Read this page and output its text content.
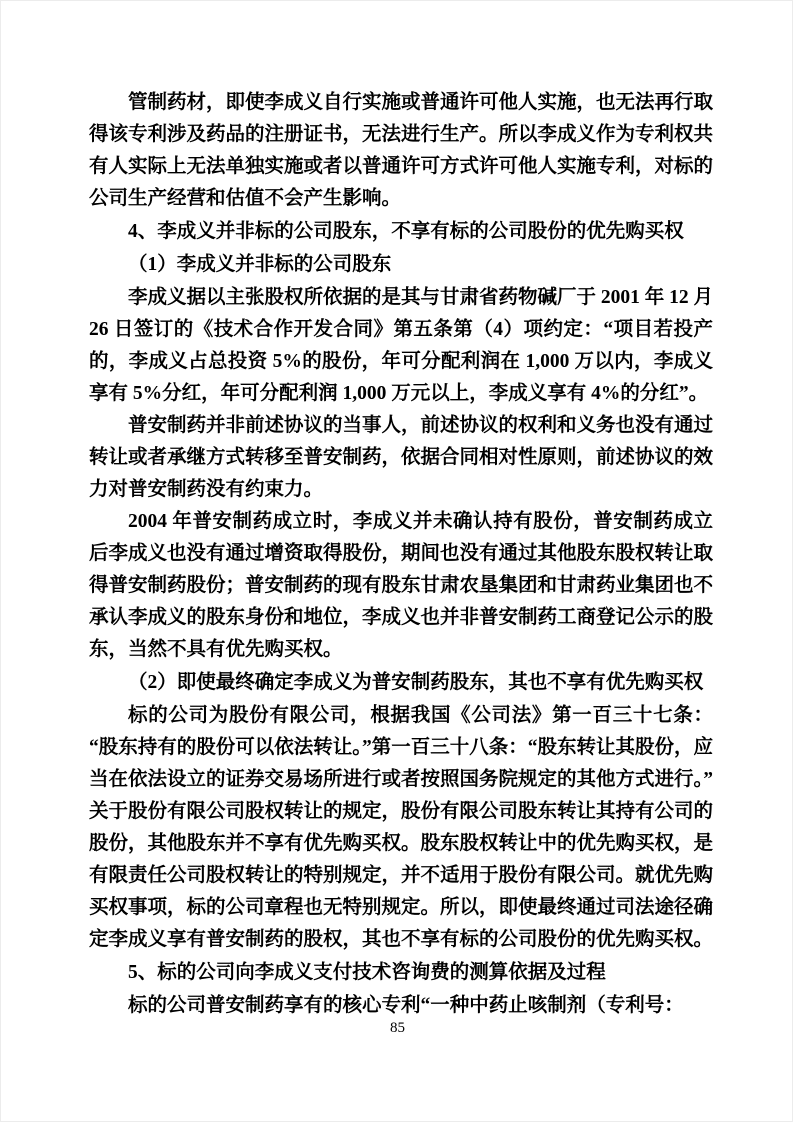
管制药材，即使李成义自行实施或普通许可他人实施，也无法再行取得该专利涉及药品的注册证书，无法进行生产。所以李成义作为专利权共有人实际上无法单独实施或者以普通许可方式许可他人实施专利，对标的公司生产经营和估值不会产生影响。

4、李成义并非标的公司股东，不享有标的公司股份的优先购买权

（1）李成义并非标的公司股东

李成义据以主张股权所依据的是其与甘肃省药物碱厂于 2001 年 12 月 26 日签订的《技术合作开发合同》第五条第（4）项约定：“项目若投产的，李成义占总投资 5%的股份，年可分配利润在 1,000 万以内，李成义享有 5%分红，年可分配利润 1,000 万元以上，李成义享有 4%的分红”。

普安制药并非前述协议的当事人，前述协议的权利和义务也没有通过转让或者承继方式转移至普安制药，依据合同相对性原则，前述协议的效力对普安制药没有约束力。

2004 年普安制药成立时，李成义并未确认持有股份，普安制药成立后李成义也没有通过增资取得股份，期间也没有通过其他股东股权转让取得普安制药股份；普安制药的现有股东甘肃农垦集团和甘肃药业集团也不承认李成义的股东身份和地位，李成义也并非普安制药工商登记公示的股东，当然不具有优先购买权。

（2）即使最终确定李成义为普安制药股东，其也不享有优先购买权

标的公司为股份有限公司，根据我国《公司法》第一百三十七条：“股东持有的股份可以依法转让。”第一百三十八条：“股东转让其股份，应当在依法设立的证券交易场所进行或者按照国务院规定的其他方式进行。”关于股份有限公司股权转让的规定，股份有限公司股东转让其持有公司的股份，其他股东并不享有优先购买权。股东股权转让中的优先购买权，是有限责任公司股权转让的特别规定，并不适用于股份有限公司。就优先购买权事项，标的公司章程也无特别规定。所以，即使最终通过司法途径确定李成义享有普安制药的股权，其也不享有标的公司股份的优先购买权。

5、标的公司向李成义支付技术咨询费的测算依据及过程

标的公司普安制药享有的核心专利“一种中药止咳制剂（专利号：

85
